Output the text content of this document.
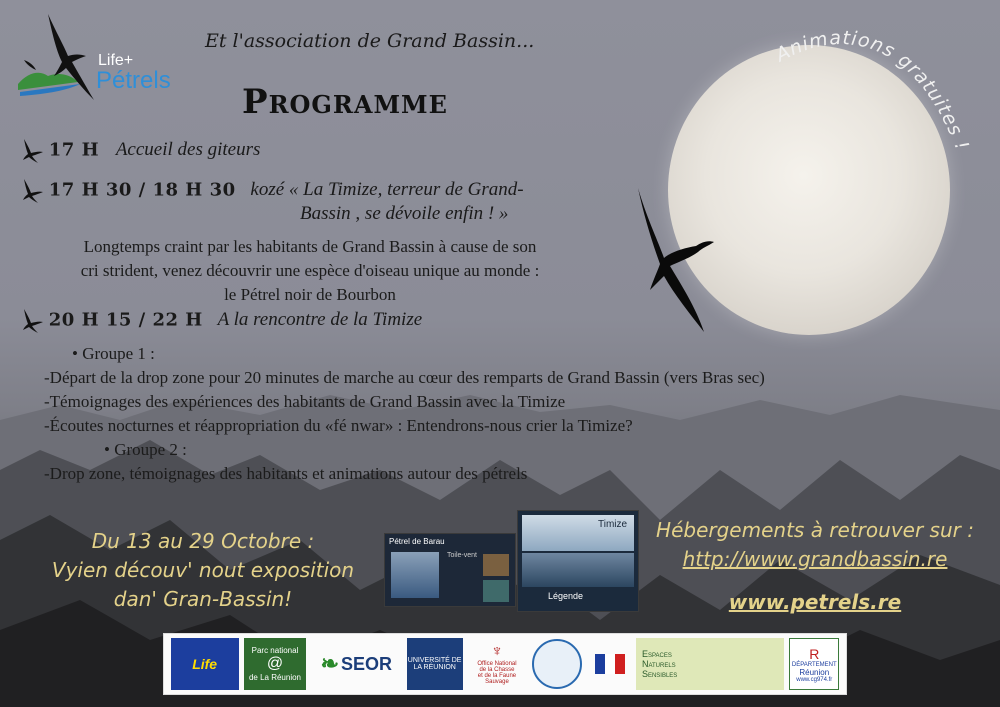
Life+
Pétrels
Et l'association de Grand Bassin...
Programme
Animations gratuites !
17 H Accueil des giteurs
17 H 30 / 18 H 30 kozé « La Timize, terreur de Grand-
Bassin , se dévoile enfin ! »
Longtemps craint par les habitants de Grand Bassin à cause de son
cri strident, venez découvrir une espèce d'oiseau unique au monde :
le Pétrel noir de Bourbon
20 H 15 / 22 H A la rencontre de la Timize
• Groupe 1 :
-Départ de la drop zone pour 20 minutes de marche au cœur des remparts de Grand Bassin (vers Bras sec)
-Témoignages des expériences des habitants de Grand Bassin avec la Timize
-Écoutes nocturnes et réappropriation du «fé nwar» : Entendrons-nous crier la Timize?
• Groupe 2 :
-Drop zone, témoignages des habitants et animations autour des pétrels
Du 13 au 29 Octobre :
Vyien découv' nout exposition
dan' Gran-Bassin!
Pétrel de Barau
Toile-vent
Timize
Légende
Hébergements à retrouver sur :
http://www.grandbassin.re
www.petrels.re
Life
Parc national
@
de La Réunion
❧ SEOR UNIVERSITÉ DE
LA RÉUNION
♆
Office National
de la Chasse
et de la Faune Sauvage
Espaces
Naturels
Sensibles
R
DÉPARTEMENT
Réunion
www.cg974.fr
